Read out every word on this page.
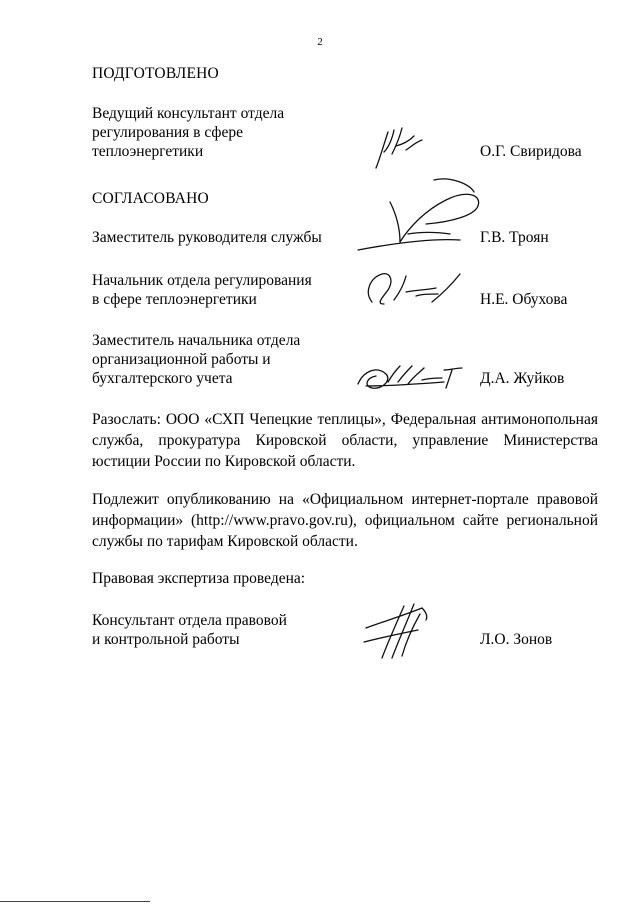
2
ПОДГОТОВЛЕНО
Ведущий консультант отдела
регулирования в сфере
теплоэнергетики	О.Г. Свиридова
СОГЛАСОВАНО
Заместитель руководителя службы	Г.В. Троян
Начальник отдела регулирования
в сфере теплоэнергетики	Н.Е. Обухова
Заместитель начальника отдела
организационной работы и
бухгалтерского учета	Д.А. Жуйков
Разослать: ООО «СХП Чепецкие теплицы», Федеральная антимонопольная служба, прокуратура Кировской области, управление Министерства юстиции России по Кировской области.
Подлежит опубликованию на «Официальном интернет-портале правовой информации» (http://www.pravo.gov.ru), официальном сайте региональной службы по тарифам Кировской области.
Правовая экспертиза проведена:
Консультант отдела правовой
и контрольной работы	Л.О. Зонов
